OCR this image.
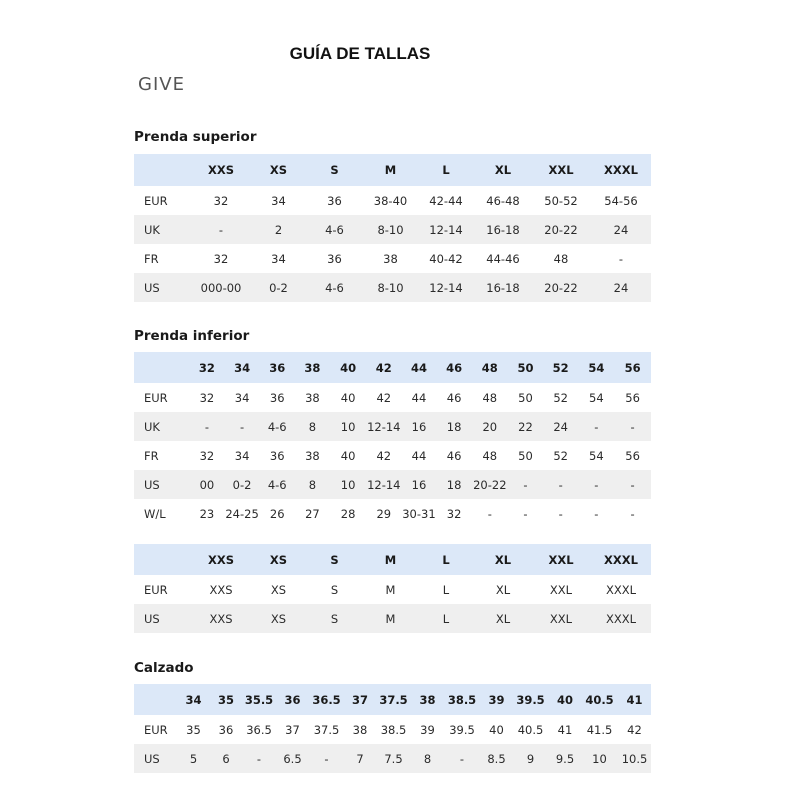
GUÍA DE TALLAS
GIVE
Prenda superior
	XXS	XS	S	M	L	XL	XXL	XXXL
EUR	32	34	36	38-40	42-44	46-48	50-52	54-56
UK	-	2	4-6	8-10	12-14	16-18	20-22	24
FR	32	34	36	38	40-42	44-46	48	-
US	000-00	0-2	4-6	8-10	12-14	16-18	20-22	24
Prenda inferior
	32	34	36	38	40	42	44	46	48	50	52	54	56
EUR	32	34	36	38	40	42	44	46	48	50	52	54	56
UK	-	-	4-6	8	10	12-14	16	18	20	22	24	-	-
FR	32	34	36	38	40	42	44	46	48	50	52	54	56
US	00	0-2	4-6	8	10	12-14	16	18	20-22	-	-	-	-
W/L	23	24-25	26	27	28	29	30-31	32	-	-	-	-	-
	XXS	XS	S	M	L	XL	XXL	XXXL
EUR	XXS	XS	S	M	L	XL	XXL	XXXL
US	XXS	XS	S	M	L	XL	XXL	XXXL
Calzado
	34	35	35.5	36	36.5	37	37.5	38	38.5	39	39.5	40	40.5	41
EUR	35	36	36.5	37	37.5	38	38.5	39	39.5	40	40.5	41	41.5	42
US	5	6	-	6.5	-	7	7.5	8	-	8.5	9	9.5	10	10.5
